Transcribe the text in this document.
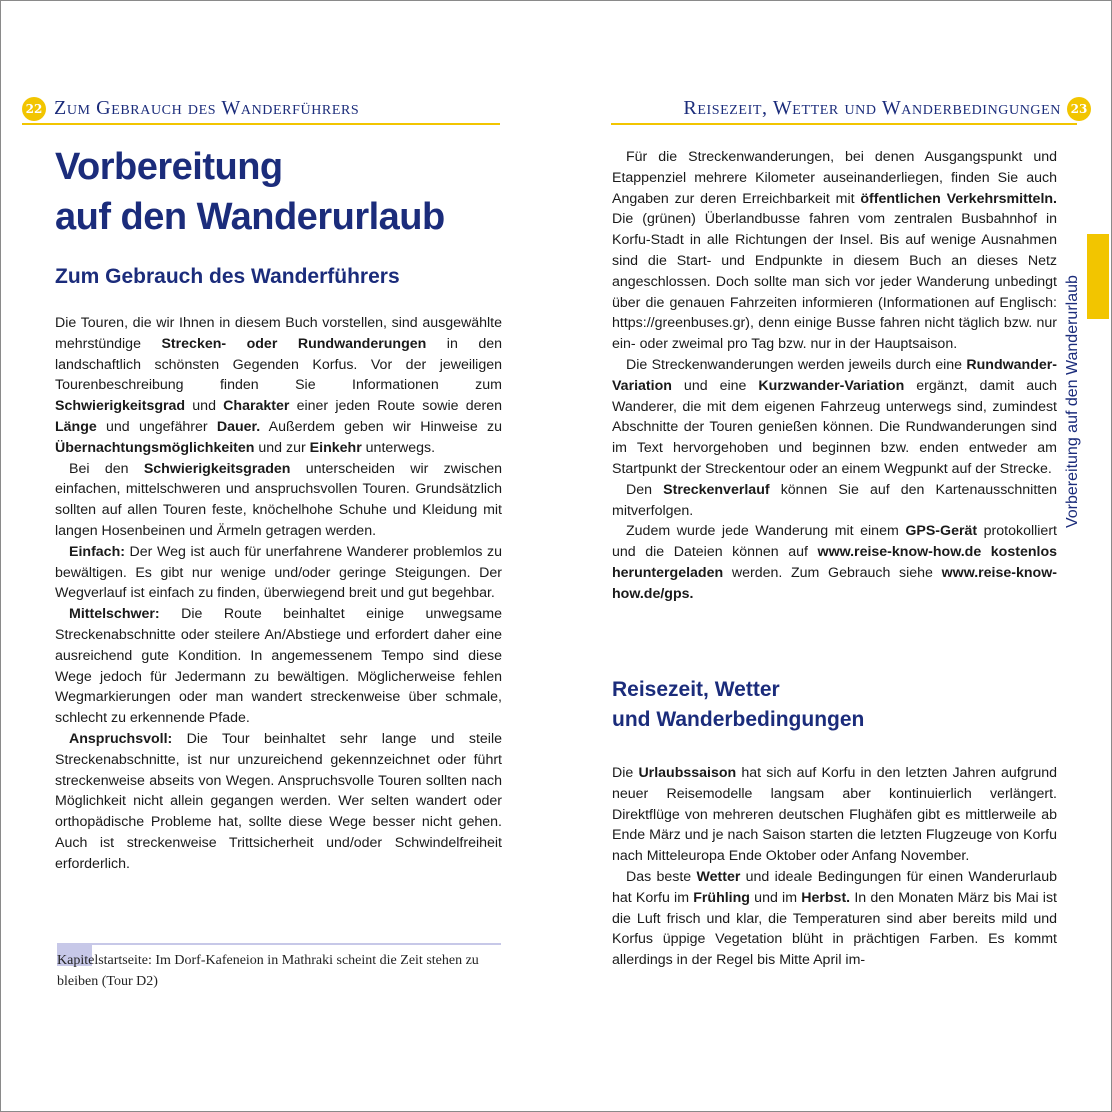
22 Zum Gebrauch des Wanderführers	Reisezeit, Wetter und Wanderbedingungen 23
Vorbereitung auf den Wanderurlaub
Vorbereitung
auf den Wanderurlaub
Zum Gebrauch des Wanderführers

Die Touren, die wir Ihnen in diesem Buch vorstellen, sind ausgewählte mehrstündige Strecken- oder Rundwanderungen in den landschaftlich schönsten Gegenden Korfus. Vor der jeweiligen Tourenbeschreibung finden Sie Informationen zum Schwierigkeitsgrad und Charakter einer jeden Route sowie deren Länge und ungefährer Dauer. Außerdem geben wir Hinweise zu Übernachtungsmöglichkeiten und zur Einkehr unterwegs.

Bei den Schwierigkeitsgraden unterscheiden wir zwischen einfachen, mittelschweren und anspruchsvollen Touren. Grundsätzlich sollten auf allen Touren feste, knöchelhohe Schuhe und Kleidung mit langen Hosenbeinen und Ärmeln getragen werden.

Einfach: Der Weg ist auch für unerfahrene Wanderer problemlos zu bewältigen. Es gibt nur wenige und/oder geringe Steigungen. Der Wegverlauf ist einfach zu finden, überwiegend breit und gut begehbar.

Mittelschwer: Die Route beinhaltet einige unwegsame Streckenabschnitte oder steilere An/Abstiege und erfordert daher eine ausreichend gute Kondition. In angemessenem Tempo sind diese Wege jedoch für Jedermann zu bewältigen. Möglicherweise fehlen Wegmarkierungen oder man wandert streckenweise über schmale, schlecht zu erkennende Pfade.

Anspruchsvoll: Die Tour beinhaltet sehr lange und steile Streckenabschnitte, ist nur unzureichend gekennzeichnet oder führt streckenweise abseits von Wegen. Anspruchsvolle Touren sollten nach Möglichkeit nicht allein gegangen werden. Wer selten wandert oder orthopädische Probleme hat, sollte diese Wege besser nicht gehen. Auch ist streckenweise Trittsicherheit und/oder Schwindelfreiheit erforderlich.

Kapitelstartseite: Im Dorf-Kafeneion in Mathraki scheint die Zeit stehen zu bleiben (Tour D2)

Für die Streckenwanderungen, bei denen Ausgangspunkt und Etappenziel mehrere Kilometer auseinanderliegen, finden Sie auch Angaben zur deren Erreichbarkeit mit öffentlichen Verkehrsmitteln. Die (grünen) Überlandbusse fahren vom zentralen Busbahnhof in Korfu-Stadt in alle Richtungen der Insel. Bis auf wenige Ausnahmen sind die Start- und Endpunkte in diesem Buch an dieses Netz angeschlossen. Doch sollte man sich vor jeder Wanderung unbedingt über die genauen Fahrzeiten informieren (Informationen auf Englisch: https://greenbuses.gr), denn einige Busse fahren nicht täglich bzw. nur ein- oder zweimal pro Tag bzw. nur in der Hauptsaison.

Die Streckenwanderungen werden jeweils durch eine Rundwander-Variation und eine Kurzwander-Variation ergänzt, damit auch Wanderer, die mit dem eigenen Fahrzeug unterwegs sind, zumindest Abschnitte der Touren genießen können. Die Rundwanderungen sind im Text hervorgehoben und beginnen bzw. enden entweder am Startpunkt der Streckentour oder an einem Wegpunkt auf der Strecke.

Den Streckenverlauf können Sie auf den Kartenausschnitten mitverfolgen.

Zudem wurde jede Wanderung mit einem GPS-Gerät protokolliert und die Dateien können auf www.reise-know-how.de kostenlos heruntergeladen werden. Zum Gebrauch siehe www.reise-know-how.de/gps.

Reisezeit, Wetter
und Wanderbedingungen

Die Urlaubssaison hat sich auf Korfu in den letzten Jahren aufgrund neuer Reisemodelle langsam aber kontinuierlich verlängert. Direktflüge von mehreren deutschen Flughäfen gibt es mittlerweile ab Ende März und je nach Saison starten die letzten Flugzeuge von Korfu nach Mitteleuropa Ende Oktober oder Anfang November.

Das beste Wetter und ideale Bedingungen für einen Wanderurlaub hat Korfu im Frühling und im Herbst. In den Monaten März bis Mai ist die Luft frisch und klar, die Temperaturen sind aber bereits mild und Korfus üppige Vegetation blüht in prächtigen Farben. Es kommt allerdings in der Regel bis Mitte April im-
